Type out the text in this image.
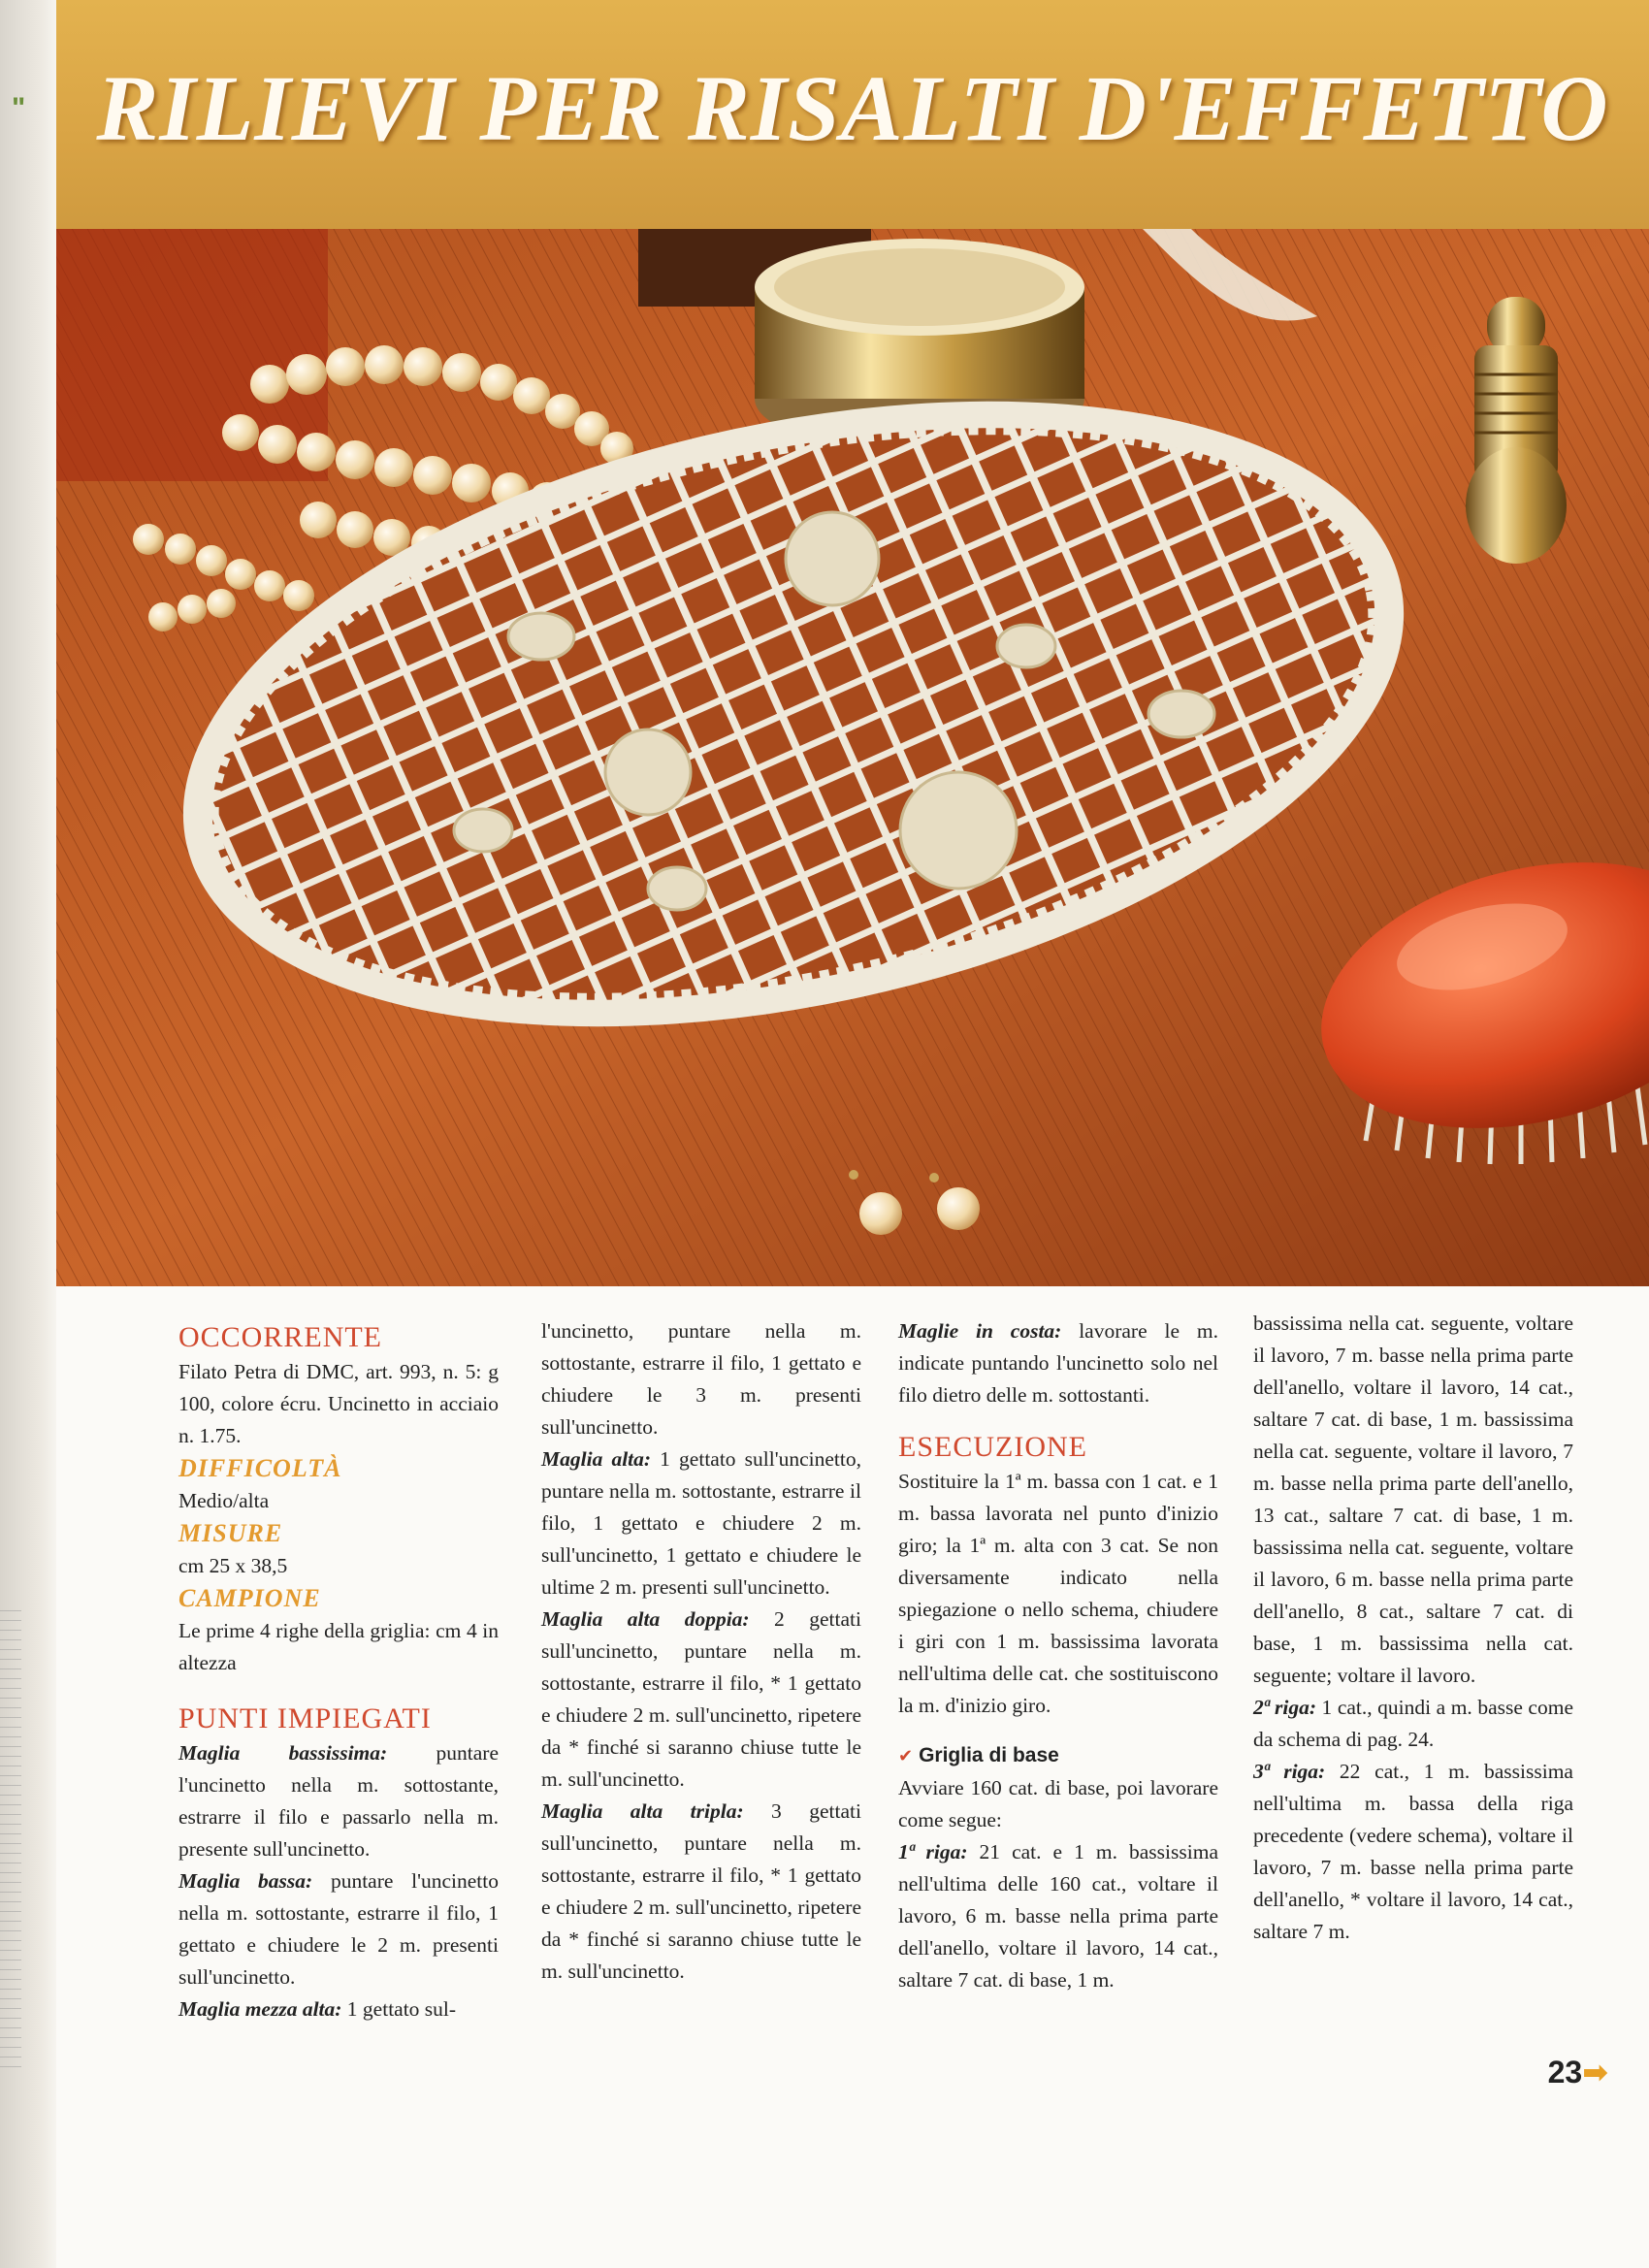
" RILIEVI PER RISALTI D'EFFETTO
OCCORRENTE

Filato Petra di DMC, art. 993, n. 5: g 100, colore écru. Uncinetto in acciaio n. 1.75.

DIFFICOLTÀ

Medio/alta

MISURE

cm 25 x 38,5

CAMPIONE

Le prime 4 righe della griglia: cm 4 in altezza

PUNTI IMPIEGATI

Maglia bassissima: puntare l'uncinetto nella m. sottostante, estrarre il filo e passarlo nella m. presente sull'uncinetto.

Maglia bassa: puntare l'uncinetto nella m. sottostante, estrarre il filo, 1 gettato e chiudere le 2 m. presenti sull'uncinetto.

Maglia mezza alta: 1 gettato sul-

l'uncinetto, puntare nella m. sottostante, estrarre il filo, 1 gettato e chiudere le 3 m. presenti sull'uncinetto.

Maglia alta: 1 gettato sull'uncinetto, puntare nella m. sottostante, estrarre il filo, 1 gettato e chiudere 2 m. sull'uncinetto, 1 gettato e chiudere le ultime 2 m. presenti sull'uncinetto.

Maglia alta doppia: 2 gettati sull'uncinetto, puntare nella m. sottostante, estrarre il filo, * 1 gettato e chiudere 2 m. sull'uncinetto, ripetere da * finché si saranno chiuse tutte le m. sull'uncinetto.

Maglia alta tripla: 3 gettati sull'uncinetto, puntare nella m. sottostante, estrarre il filo, * 1 gettato e chiudere 2 m. sull'uncinetto, ripetere da * finché si saranno chiuse tutte le m. sull'uncinetto.

Maglie in costa: lavorare le m. indicate puntando l'uncinetto solo nel filo dietro delle m. sottostanti.

ESECUZIONE

Sostituire la 1ª m. bassa con 1 cat. e 1 m. bassa lavorata nel punto d'inizio giro; la 1ª m. alta con 3 cat. Se non diversamente indicato nella spiegazione o nello schema, chiudere i giri con 1 m. bassissima lavorata nell'ultima delle cat. che sostituiscono la m. d'inizio giro.

✔ Griglia di base

Avviare 160 cat. di base, poi lavorare come segue:

1ª riga: 21 cat. e 1 m. bassissima nell'ultima delle 160 cat., voltare il lavoro, 6 m. basse nella prima parte dell'anello, voltare il lavoro, 14 cat., saltare 7 cat. di base, 1 m.

bassissima nella cat. seguente, voltare il lavoro, 7 m. basse nella prima parte dell'anello, voltare il lavoro, 14 cat., saltare 7 cat. di base, 1 m. bassissima nella cat. seguente, voltare il lavoro, 7 m. basse nella prima parte dell'anello, 13 cat., saltare 7 cat. di base, 1 m. bassissima nella cat. seguente, voltare il lavoro, 6 m. basse nella prima parte dell'anello, 8 cat., saltare 7 cat. di base, 1 m. bassissima nella cat. seguente; voltare il lavoro.

2ª riga: 1 cat., quindi a m. basse come da schema di pag. 24.

3ª riga: 22 cat., 1 m. bassissima nell'ultima m. bassa della riga precedente (vedere schema), voltare il lavoro, 7 m. basse nella prima parte dell'anello, * voltare il lavoro, 14 cat., saltare 7 m.

23➡
